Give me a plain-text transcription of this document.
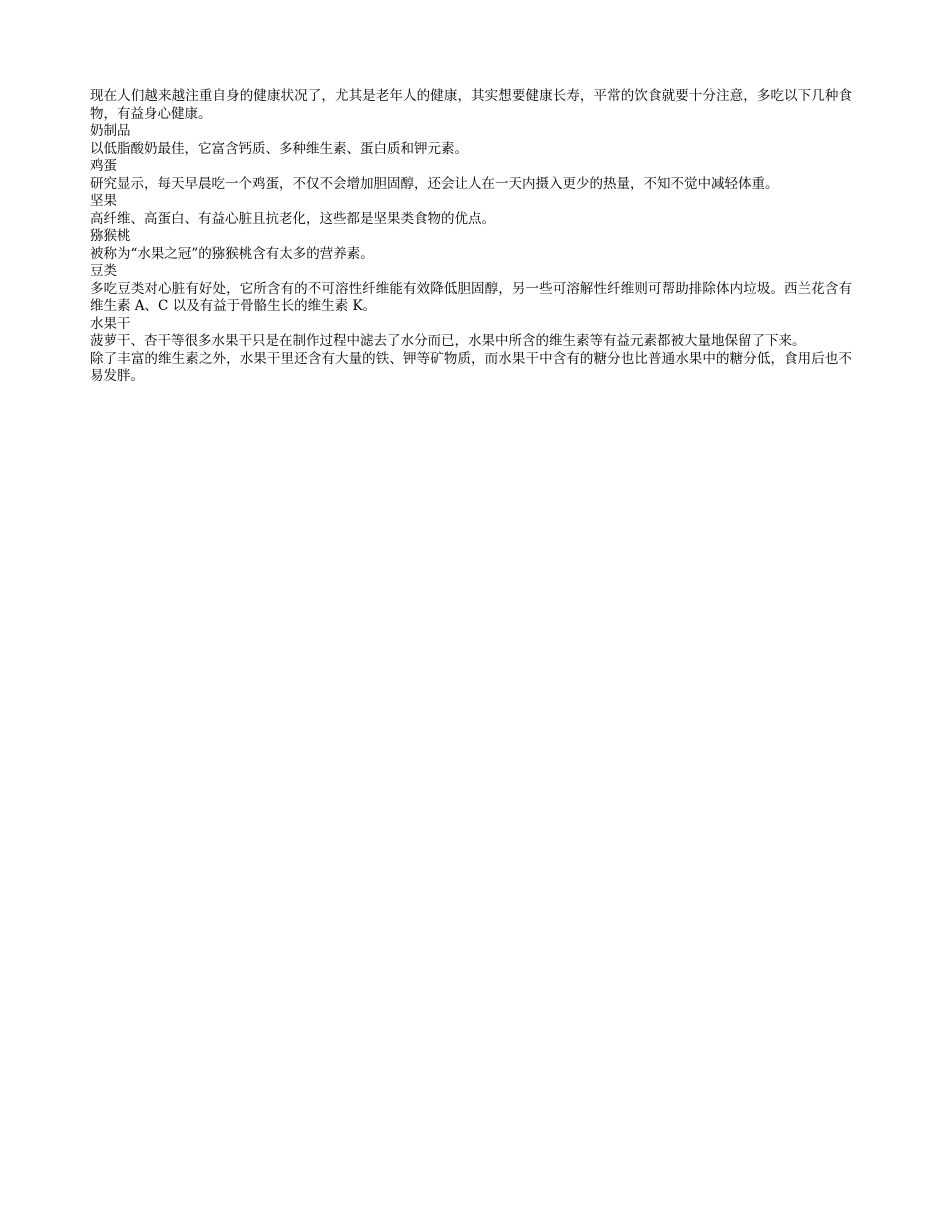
现在人们越来越注重自身的健康状况了，尤其是老年人的健康，其实想要健康长寿，平常的饮食就要十分注意，多吃以下几种食物，有益身心健康。

奶制品

以低脂酸奶最佳，它富含钙质、多种维生素、蛋白质和钾元素。

鸡蛋

研究显示，每天早晨吃一个鸡蛋，不仅不会增加胆固醇，还会让人在一天内摄入更少的热量，不知不觉中减轻体重。

坚果

高纤维、高蛋白、有益心脏且抗老化，这些都是坚果类食物的优点。

猕猴桃

被称为“水果之冠”的猕猴桃含有太多的营养素。

豆类

多吃豆类对心脏有好处，它所含有的不可溶性纤维能有效降低胆固醇，另一些可溶解性纤维则可帮助排除体内垃圾。西兰花含有维生素 A、C 以及有益于骨骼生长的维生素 K。

水果干

菠萝干、杏干等很多水果干只是在制作过程中滤去了水分而已，水果中所含的维生素等有益元素都被大量地保留了下来。

除了丰富的维生素之外，水果干里还含有大量的铁、钾等矿物质，而水果干中含有的糖分也比普通水果中的糖分低，食用后也不易发胖。
